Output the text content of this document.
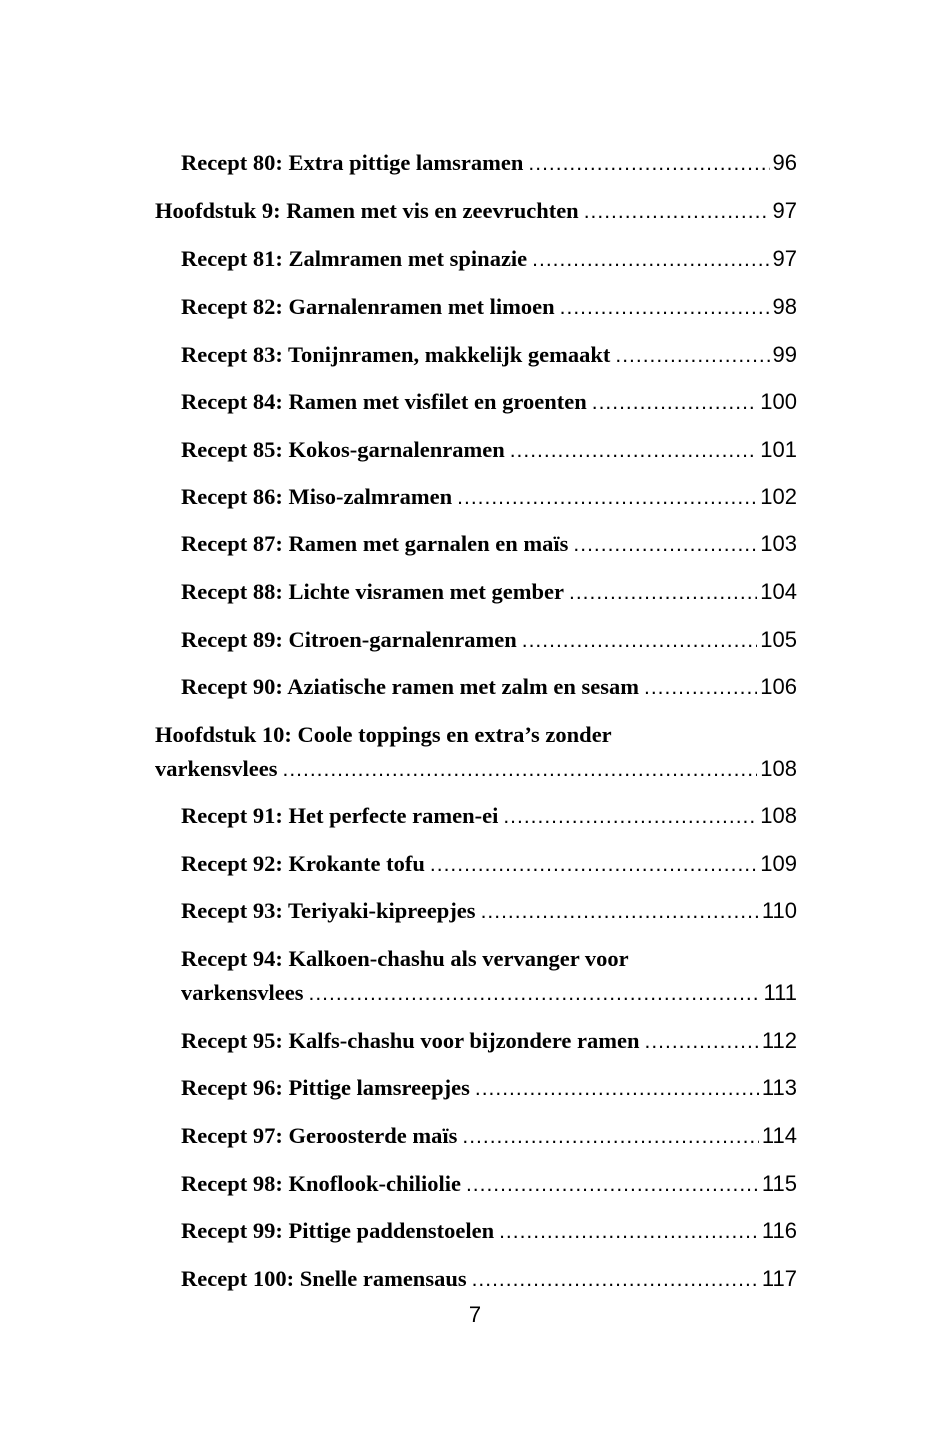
Recept 80: Extra pittige lamsramen .....	96
Hoofdstuk 9: Ramen met vis en zeevruchten .....	97
Recept 81: Zalmramen met spinazie .....	97
Recept 82: Garnalenramen met limoen .....	98
Recept 83: Tonijnramen, makkelijk gemaakt .....	99
Recept 84: Ramen met visfilet en groenten .....	100
Recept 85: Kokos-garnalenramen .....	101
Recept 86: Miso-zalmramen .....	102
Recept 87: Ramen met garnalen en maïs .....	103
Recept 88: Lichte visramen met gember .....	104
Recept 89: Citroen-garnalenramen .....	105
Recept 90: Aziatische ramen met zalm en sesam .....	106
Hoofdstuk 10: Coole toppings en extra’s zonder
varkensvlees .....	108
Recept 91: Het perfecte ramen-ei .....	108
Recept 92: Krokante tofu .....	109
Recept 93: Teriyaki-kipreepjes .....	110
Recept 94: Kalkoen-chashu als vervanger voor
varkensvlees .....	111
Recept 95: Kalfs-chashu voor bijzondere ramen .....	112
Recept 96: Pittige lamsreepjes .....	113
Recept 97: Geroosterde maïs .....	114
Recept 98: Knoflook-chiliolie .....	115
Recept 99: Pittige paddenstoelen .....	116
Recept 100: Snelle ramensaus .....	117
7
